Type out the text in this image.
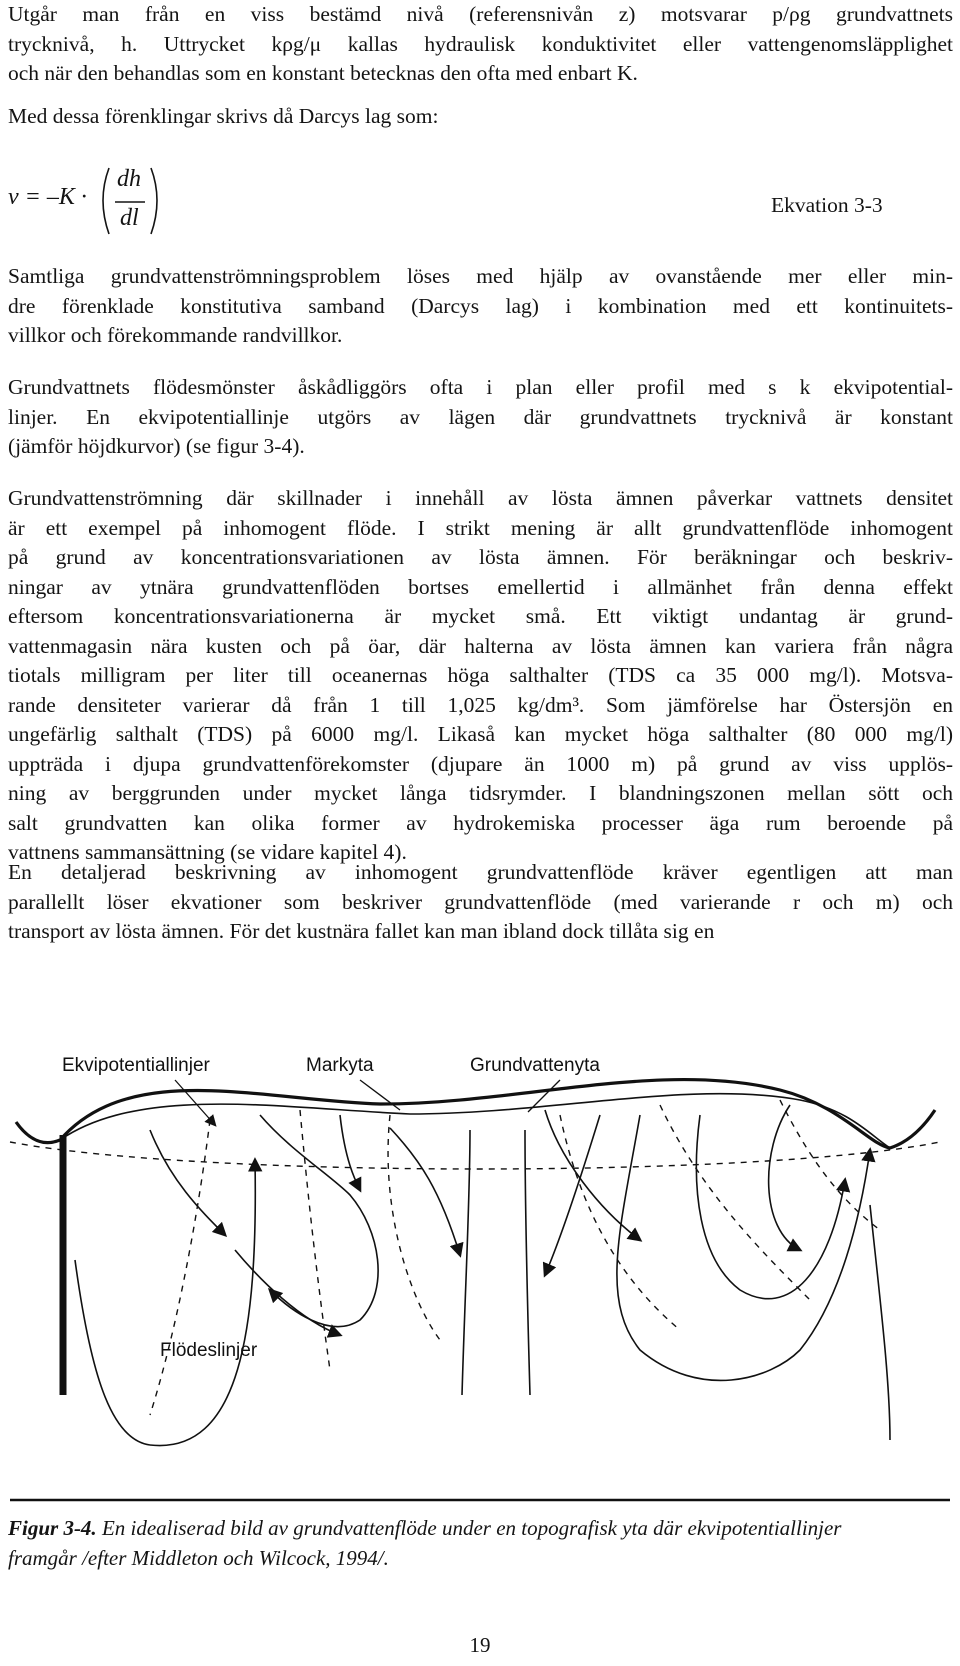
Utgår man från en viss bestämd nivå (referensnivån z) motsvarar p/ρg grundvattnets
trycknivå, h. Uttrycket kρg/μ kallas hydraulisk konduktivitet eller vattengenomsläpplighet
och när den behandlas som en konstant betecknas den ofta med enbart K.
Med dessa förenklingar skrivs då Darcys lag som:
v = –K ·
dh
dl	Ekvation 3-3
Samtliga grundvattenströmningsproblem löses med hjälp av ovanstående mer eller min-
dre förenklade konstitutiva samband (Darcys lag) i kombination med ett kontinuitets-
villkor och förekommande randvillkor.
Grundvattnets flödesmönster åskådliggörs ofta i plan eller profil med s k ekvipotential-
linjer. En ekvipotentiallinje utgörs av lägen där grundvattnets trycknivå är konstant
(jämför höjdkurvor) (se figur 3-4).
Grundvattenströmning där skillnader i innehåll av lösta ämnen påverkar vattnets densitet
är ett exempel på inhomogent flöde. I strikt mening är allt grundvattenflöde inhomogent
på grund av koncentrationsvariationen av lösta ämnen. För beräkningar och beskriv-
ningar av ytnära grundvattenflöden bortses emellertid i allmänhet från denna effekt
eftersom koncentrationsvariationerna är mycket små. Ett viktigt undantag är grund-
vattenmagasin nära kusten och på öar, där halterna av lösta ämnen kan variera från några
tiotals milligram per liter till oceanernas höga salthalter (TDS ca 35 000 mg/l). Motsva-
rande densiteter varierar då från 1 till 1,025 kg/dm³. Som jämförelse har Östersjön en
ungefärlig salthalt (TDS) på 6000 mg/l. Likaså kan mycket höga salthalter (80 000 mg/l)
uppträda i djupa grundvattenförekomster (djupare än 1000 m) på grund av viss upplös-
ning av berggrunden under mycket långa tidsrymder. I blandningszonen mellan sött och
salt grundvatten kan olika former av hydrokemiska processer äga rum beroende på
vattnens sammansättning (se vidare kapitel 4).
En detaljerad beskrivning av inhomogent grundvattenflöde kräver egentligen att man
parallellt löser ekvationer som beskriver grundvattenflöde (med varierande r och m) och
transport av lösta ämnen. För det kustnära fallet kan man ibland dock tillåta sig en
Ekvipotentiallinjer	Markyta	Grundvattenyta
Flödeslinjer
Figur 3-4. En idealiserad bild av grundvattenflöde under en topografisk yta där ekvipotentiallinjer
framgår /efter Middleton och Wilcock, 1994/.
19
